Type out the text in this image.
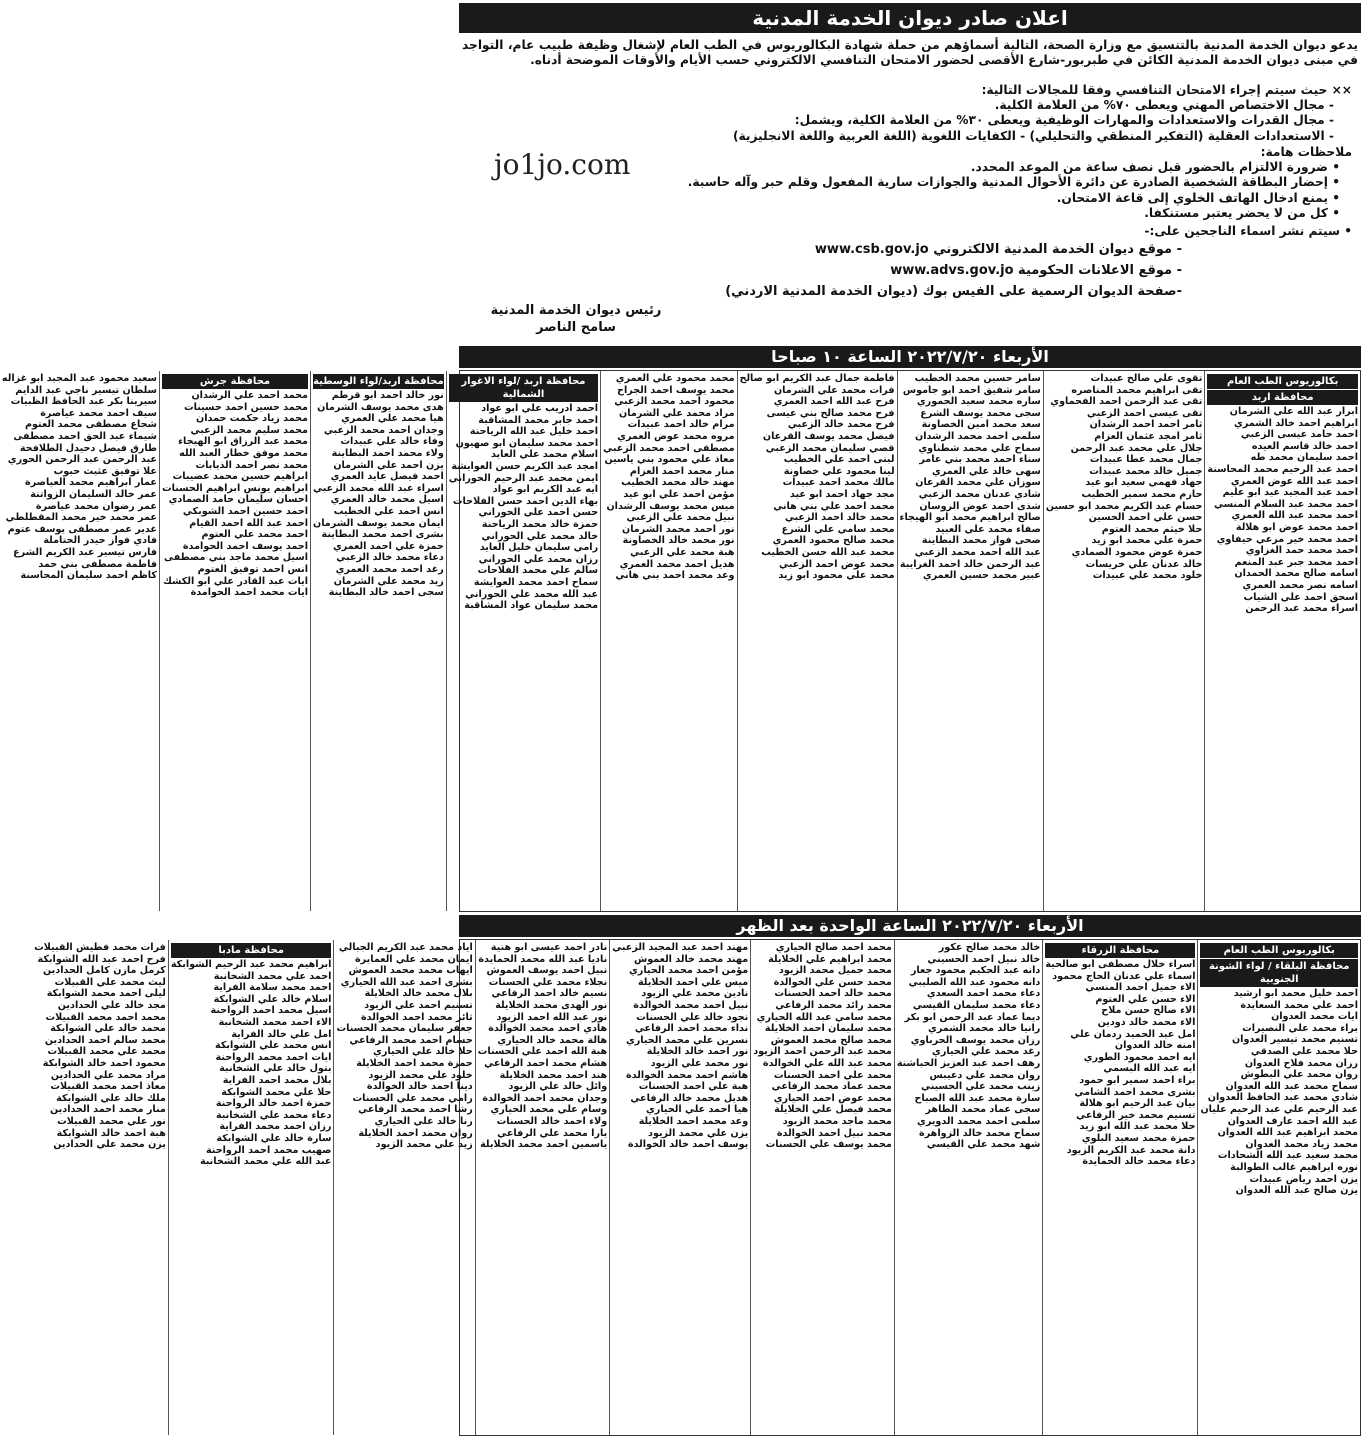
اعلان صادر ديوان الخدمة المدنية

يدعو ديوان الخدمة المدنية بالتنسيق مع وزارة الصحة، التالية أسماؤهم من حملة شهادة البكالوريوس في الطب العام لإشغال وظيفة طبيب عام، التواجد في مبنى ديوان الخدمة المدنية الكائن في طبربور-شارع الأقصى لحضور الامتحان التنافسي الالكتروني حسب الأيام والأوقات الموضحة أدناه.

×× حيث سيتم إجراء الامتحان التنافسي وفقا للمجالات التالية:
- مجال الاختصاص المهني ويعطى ٧٠% من العلامة الكلية.
- مجال القدرات والاستعدادات والمهارات الوظيفية ويعطى ٣٠% من العلامة الكلية، ويشمل:
- الاستعدادات العقلية (التفكير المنطقي والتحليلي) - الكفايات اللغوية (اللغة العربية واللغة الانجليزية)
ملاحظات هامة:
• ضرورة الالتزام بالحضور قبل نصف ساعة من الموعد المحدد.
• إحضار البطاقة الشخصية الصادرة عن دائرة الأحوال المدنية والجوازات سارية المفعول وقلم حبر وآله حاسبة.
• يمنع ادخال الهاتف الخلوي إلى قاعة الامتحان.
• كل من لا يحضر يعتبر مستنكفا.
• سيتم نشر اسماء الناجحين على:-
- موقع ديوان الخدمة المدنية الالكتروني www.csb.gov.jo
- موقع الاعلانات الحكومية www.advs.gov.jo
-صفحة الديوان الرسمية على الفيس بوك (ديوان الخدمة المدنية الاردني)
jo1jo.com
رئيس ديوان الخدمة المدنية
سامح الناصر
الأربعاء ٢٠٢٢/٧/٢٠ الساعة ١٠ صباحا
بكالوريوس الطب العام
محافظة اربد
ابرار عبد الله علي الشرمان
ابراهيم احمد خالد الشمري
احمد حامد عيسى الزعبي
احمد خالد قاسم العيده
احمد سليمان محمد طه
احمد عبد الرحيم محمد المحاسنة
احمد عبد الله عوض العمري
احمد عبد المجيد عيد ابو عليم
احمد محمد عبد السلام المنسي
احمد محمد عبد الله العمري
احمد محمد عوض ابو هلالة
احمد محمد خير مرعي حيفاوي
احمد محمد حمد الغزاوي
احمد محمد جبر عبد المنعم
اسامه صالح محمد الحمدان
اسامه نصر محمد العمري
اسحق احمد علي الشياب
اسراء محمد عبد الرحمن
تقوى علي صالح عبيدات
تقى ابراهيم محمد المناصره
تقى عبد الرحمن احمد الفحماوي
تقى عيسى احمد الزعبي
ثامر احمد احمد الرشدان
ثامر امجد عثمان العزام
جلال علي محمد عبد الرحمن
جمال محمد عطا عبيدات
جميل خالد محمد عبيدات
جهاد فهمي سعيد ابو عيد
حازم محمد سمير الخطيب
حسام عبد الكريم محمد ابو حسين
حسن علي احمد الحسين
حلا خيثم محمد العتوم
حمزة علي محمد ابو زيد
حمزة عوض محمود الصمادي
خالد عدنان علي خريسات
خلود محمد علي عبيدات
سامر حسين محمد الخطيب
سامر شفيق احمد ابو جاموس
ساره محمد سعيد الحموري
سجى محمد يوسف الشرع
سعد محمد امين الخصاونة
سلمى احمد محمد الرشدان
سماح علي محمد شطناوي
سناء احمد محمد بني عامر
سهى خالد علي العمري
سوزان علي محمد القرعان
شادي عدنان محمد الزعبي
شذى احمد عوض الروسان
صالح ابراهيم محمد ابو الهيجاء
صفاء محمد علي العبيد
ضحى فواز محمد البطاينة
عبد الله احمد محمد الزعبي
عبد الرحمن خالد احمد الغرايبة
عبير محمد حسين العمري
فاطمة جمال عبد الكريم ابو صالح
فرات محمد علي الشرمان
فرح عبد الله احمد العمري
فرح محمد صالح بني عيسى
فرح محمد خالد الزعبي
فيصل محمد يوسف القرعان
قصي سليمان محمد الزعبي
لبنى احمد علي الخطيب
لينا محمود علي خصاونة
مالك محمد احمد عبيدات
مجد جهاد احمد ابو عيد
محمد احمد علي بني هاني
محمد خالد احمد الزعبي
محمد سامي علي الشرع
محمد صالح محمود العمري
محمد عبد الله حسن الخطيب
محمد عوض احمد الزعبي
محمد علي محمود ابو زيد
محمد محمود علي العمري
محمد يوسف احمد الجراح
محمود احمد محمد الزعبي
مراد محمد علي الشرمان
مرام خالد احمد عبيدات
مروه محمد عوض العمري
مصطفى احمد محمد الزعبي
معاذ علي محمود بني ياسين
منار محمد احمد العزام
مهند خالد محمد الخطيب
مؤمن احمد علي ابو عيد
ميس محمد يوسف الرشدان
نبيل محمد علي الزعبي
نور احمد محمد الشرمان
نور محمد خالد الخصاونة
هبة محمد علي الزعبي
هديل احمد محمد العمري
وعد محمد احمد بني هاني
محافظة اربد /لواء الاغوار الشمالية
احمد ادريب علي ابو عواد
احمد جابر محمد المشاقبة
احمد خليل عبد الله الرياحنة
احمد محمد سليمان ابو صهيون
اسلام محمد علي العايد
امجد عبد الكريم حسن العوايشة
ايمن محمد عبد الرحيم الحوراني
ايه عبد الكريم ابو عواد
بهاء الدين احمد حسن الفلاحات
حسن احمد علي الحوراني
حمزة خالد محمد الرياحنة
خالد محمد علي الحوراني
رامي سليمان خليل العايد
رزان محمد علي الحوراني
سالم علي محمد الفلاحات
سماح احمد محمد العوايشة
عبد الله محمد علي الحوراني
محمد سليمان عواد المشاقبة
محافظة اربد/لواء الوسطية
نور خالد احمد ابو قرطم
هدى محمد يوسف الشرمان
هيا محمد علي العمري
وجدان احمد محمد الزعبي
وفاء خالد علي عبيدات
ولاء محمد احمد البطاينة
يزن احمد علي الشرمان
احمد فيصل عايد العمري
اسراء عبد الله محمد الزعبي
اسيل محمد خالد العمري
انس احمد علي الخطيب
ايمان محمد يوسف الشرمان
بشرى احمد محمد البطاينة
حمزة علي احمد العمري
دعاء محمد خالد الزعبي
رغد احمد محمد العمري
زيد محمد علي الشرمان
سجى احمد خالد البطاينة
محافظة جرش
محمد احمد علي الرشدان
محمد حسين احمد حسينات
محمد زياد حكمت حمدان
محمد سليم محمد الزعبي
محمد عبد الرزاق ابو الهيجاء
محمد موفق خطار العبد الله
محمد نصر احمد الذيابات
ابراهيم حسين محمد عضيبات
ابراهيم يونس ابراهيم الحسنات
احسان سليمان حامد الصمادي
احمد حسين احمد الشوبكي
احمد عبد الله احمد القيام
احمد محمد علي العتوم
احمد يوسف احمد الحوامدة
اسيل محمد ماجد بني مصطفى
انس احمد توفيق العتوم
ايات عبد القادر علي ابو الكشك
ايات محمد احمد الحوامدة
سعيد محمود عبد المجيد ابو غزاله
سلطان تيسير ناجي عبد الدايم
سيرينا بكر عبد الحافظ الظبيات
سيف احمد محمد عياصرة
شجاع مصطفى محمد العتوم
شيماء عبد الحق احمد مصطفى
طارق فيصل دحيدل الطلافحة
عبد الرحمن عبد الرحمن الحوري
علا توفيق عثيث حبوب
عمار ابراهيم محمد العياصرة
عمر خالد السليمان الزواتنة
عمر رضوان محمد عياصرة
عمر محمد خير محمد المقطلطي
غدير عمر مصطفى يوسف عتوم
فادي فواز حيدر الحتاملة
فارس تيسير عبد الكريم الشرع
فاطمة مصطفى بني حمد
كاظم احمد سليمان المحاسنة
الأربعاء ٢٠٢٢/٧/٢٠ الساعة الواحدة بعد الظهر
بكالوريوس الطب العام
محافظة البلقاء / لواء الشونة الجنوبية
احمد خليل محمد ابو ارشيد
احمد علي محمد السعايدة
ايات محمد العدوان
براء محمد علي النصيرات
تسنيم محمد تيسير العدوان
حلا محمد علي الصدقي
رزان محمد فلاح العدوان
روان محمد علي البطوش
سماح محمد عبد الله العدوان
شادي محمد عبد الحافظ العدوان
عبد الرحيم علي عبد الرحيم عليان
عبد الله احمد عارف العدوان
محمد ابراهيم عبد الله العدوان
محمد زياد محمد العدوان
محمد سعيد عبد الله الشحادات
نوره ابراهيم غالب الطوالبة
يزن احمد رياض عبيدات
يزن صالح عبد الله العدوان
محافظة الزرقاء
اسراء خلال مصطفى ابو صالحية
اسماء علي عدنان الحاج محمود
الاء جميل احمد المنسي
الاء حسن علي العتوم
الاء صالح حسن ملاح
الاء محمد خالد دودين
امل عبد الحميد ردمان علي
امنه خالد العدوان
ايه احمد محمود الطوري
ايه عبد الله البسمي
براء احمد سمير ابو حمود
بشرى محمد احمد الشامي
بيان عبد الرحيم ابو هلالة
تسنيم محمد خير الرفاعي
حلا محمد عبد الله ابو زيد
حمزة محمد سعيد البلوي
دانة محمد عبد الكريم الزيود
دعاء محمد خالد الحمايدة
خالد محمد صالح عكور
خالد نبيل احمد الحسيني
دانه عبد الحكيم محمود جعار
دانه محمود عبد الله الصليبي
دعاء محمد احمد السعدي
دعاء محمد سليمان القيسي
ديما عماد عبد الرحمن ابو بكر
رانيا خالد محمد الشمري
رزان محمد يوسف الحرباوي
رغد محمد علي الحياري
رهف احمد عبد العزيز الحباشنة
روان محمد علي دعيبس
زينب محمد علي الحسيني
سارة محمد عبد الله الصباح
سجى عماد محمد الطاهر
سلمى احمد محمد الدويري
سماح محمد خالد الزواهرة
شهد محمد علي القيسي
محمد احمد صالح الحياري
محمد ابراهيم علي الخلايلة
محمد جميل محمد الزيود
محمد حسن علي الخوالدة
محمد خالد احمد الحسنات
محمد رائد محمد الرفاعي
محمد سامي عبد الله الحياري
محمد سليمان احمد الخلايلة
محمد صالح محمد العموش
محمد عبد الرحمن احمد الزيود
محمد عبد الله علي الخوالدة
محمد علي احمد الحسنات
محمد عماد محمد الرفاعي
محمد عوض احمد الحياري
محمد فيصل علي الخلايلة
محمد ماجد محمد الزيود
محمد نبيل احمد الخوالدة
محمد يوسف علي الحسنات
مهند احمد عبد المجيد الزعبي
مهند محمد خالد العموش
مؤمن احمد محمد الحياري
ميس علي احمد الخلايلة
نادين محمد علي الزيود
نبيل احمد محمد الخوالدة
نجود خالد علي الحسنات
نداء محمد احمد الرفاعي
نسرين علي محمد الحياري
نور احمد خالد الخلايلة
نور محمد علي الزيود
هاشم احمد محمد الخوالدة
هبة علي احمد الحسنات
هديل محمد خالد الرفاعي
هيا احمد علي الحياري
وعد محمد احمد الخلايلة
يزن علي محمد الزيود
يوسف احمد خالد الخوالدة
نادر احمد عيسى ابو هنية
ناديا عبد الله محمد الحمايدة
نبيل احمد يوسف العموش
نجلاء محمد علي الحسنات
نسيم خالد احمد الرفاعي
نور الهدى محمد الخلايلة
نور عبد الله احمد الزيود
هادي احمد محمد الخوالدة
هالة محمد خالد الحياري
هبة الله احمد علي الحسنات
هشام محمد احمد الرفاعي
هند احمد محمد الخلايلة
وائل خالد علي الزيود
وجدان محمد احمد الخوالدة
وسام علي محمد الحياري
ولاء احمد خالد الحسنات
يارا محمد علي الرفاعي
ياسمين احمد محمد الخلايلة
اياد محمد عبد الكريم الجبالي
ايمان محمد علي العمايرة
ايهاب محمد محمد العموش
بشرى احمد عبد الله الحياري
بلال محمد خالد الخلايلة
تسنيم احمد علي الزيود
ثائر محمد احمد الخوالدة
جعفر سليمان محمد الحسنات
حسام احمد محمد الرفاعي
حلا خالد علي الحياري
حمزة محمد احمد الخلايلة
خلود علي محمد الزيود
دينا احمد خالد الخوالدة
رامي محمد علي الحسنات
رشا احمد محمد الرفاعي
رنا خالد علي الحياري
روان محمد احمد الخلايلة
زيد علي محمد الزيود
محافظة مادبا
ابراهيم محمد عبد الرحيم الشوابكة
احمد علي محمد الشخانبة
احمد محمد سلامة الفراية
اسلام خالد علي الشوابكة
اسيل محمد احمد الرواحنة
الاء احمد محمد الشخانبة
امل علي خالد الفراية
انس محمد علي الشوابكة
ايات احمد محمد الرواحنة
بتول خالد علي الشخانبة
بلال محمد احمد الفراية
حلا علي محمد الشوابكة
حمزة احمد خالد الرواحنة
دعاء محمد علي الشخانبة
رزان احمد محمد الفراية
سارة خالد علي الشوابكة
صهيب محمد احمد الرواحنة
عبد الله علي محمد الشخانبة
فرات محمد فطيش القبيلات
فرح احمد عبد الله الشوابكة
كرمل مازن كامل الحدادين
ليث محمد علي القبيلات
ليلى احمد محمد الشوابكة
مجد خالد علي الحدادين
محمد احمد محمد القبيلات
محمد خالد علي الشوابكة
محمد سالم احمد الحدادين
محمد علي محمد القبيلات
محمود احمد خالد الشوابكة
مراد محمد علي الحدادين
معاذ احمد محمد القبيلات
ملك خالد علي الشوابكة
منار محمد احمد الحدادين
نور علي محمد القبيلات
هبة احمد خالد الشوابكة
يزن محمد علي الحدادين
